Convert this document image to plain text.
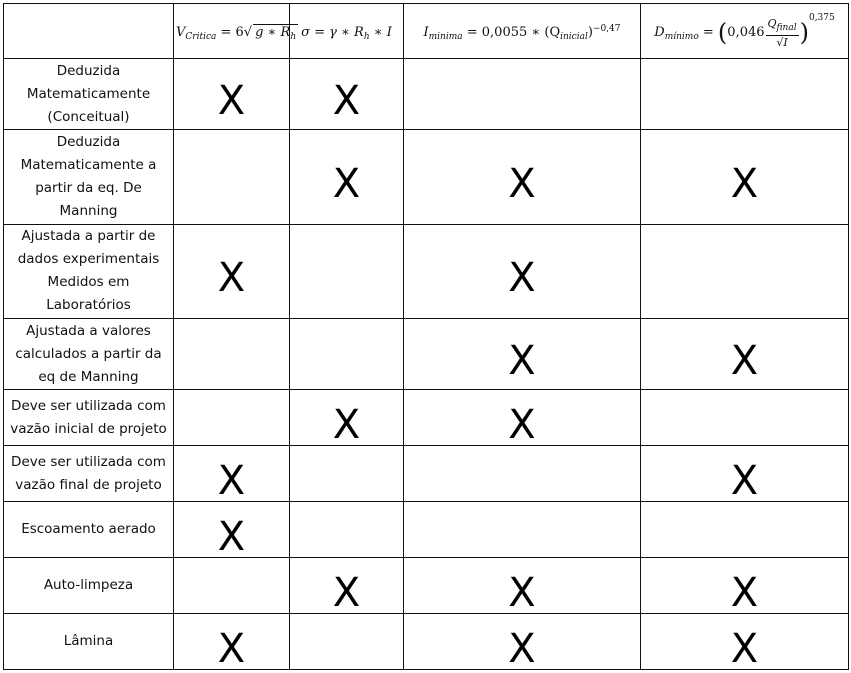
	$V_{Critica} = 6√$ g ∗ $R_h$	σ = γ ∗ $R_h$ ∗ I	$I_{minima} = 0,0055$ ∗ $(Q_{inicial})^{-0,47}$	$D_{mínimo} = (0,046 \frac{Q_{final}}{√I} )^{0,375}$
Deduzida Matematicamente (Conceitual)	X	X		
Deduzida Matematicamente a partir da eq. De Manning		X	X	X
Ajustada a partir de dados experimentais Medidos em Laboratórios	X		X	
Ajustada a valores calculados a partir da eq de Manning			X	X
Deve ser utilizada com vazão inicial de projeto		X	X	
Deve ser utilizada com vazão final de projeto	X			X
Escoamento aerado	X			
Auto-limpeza		X	X	X
Lâmina	X		X	X
